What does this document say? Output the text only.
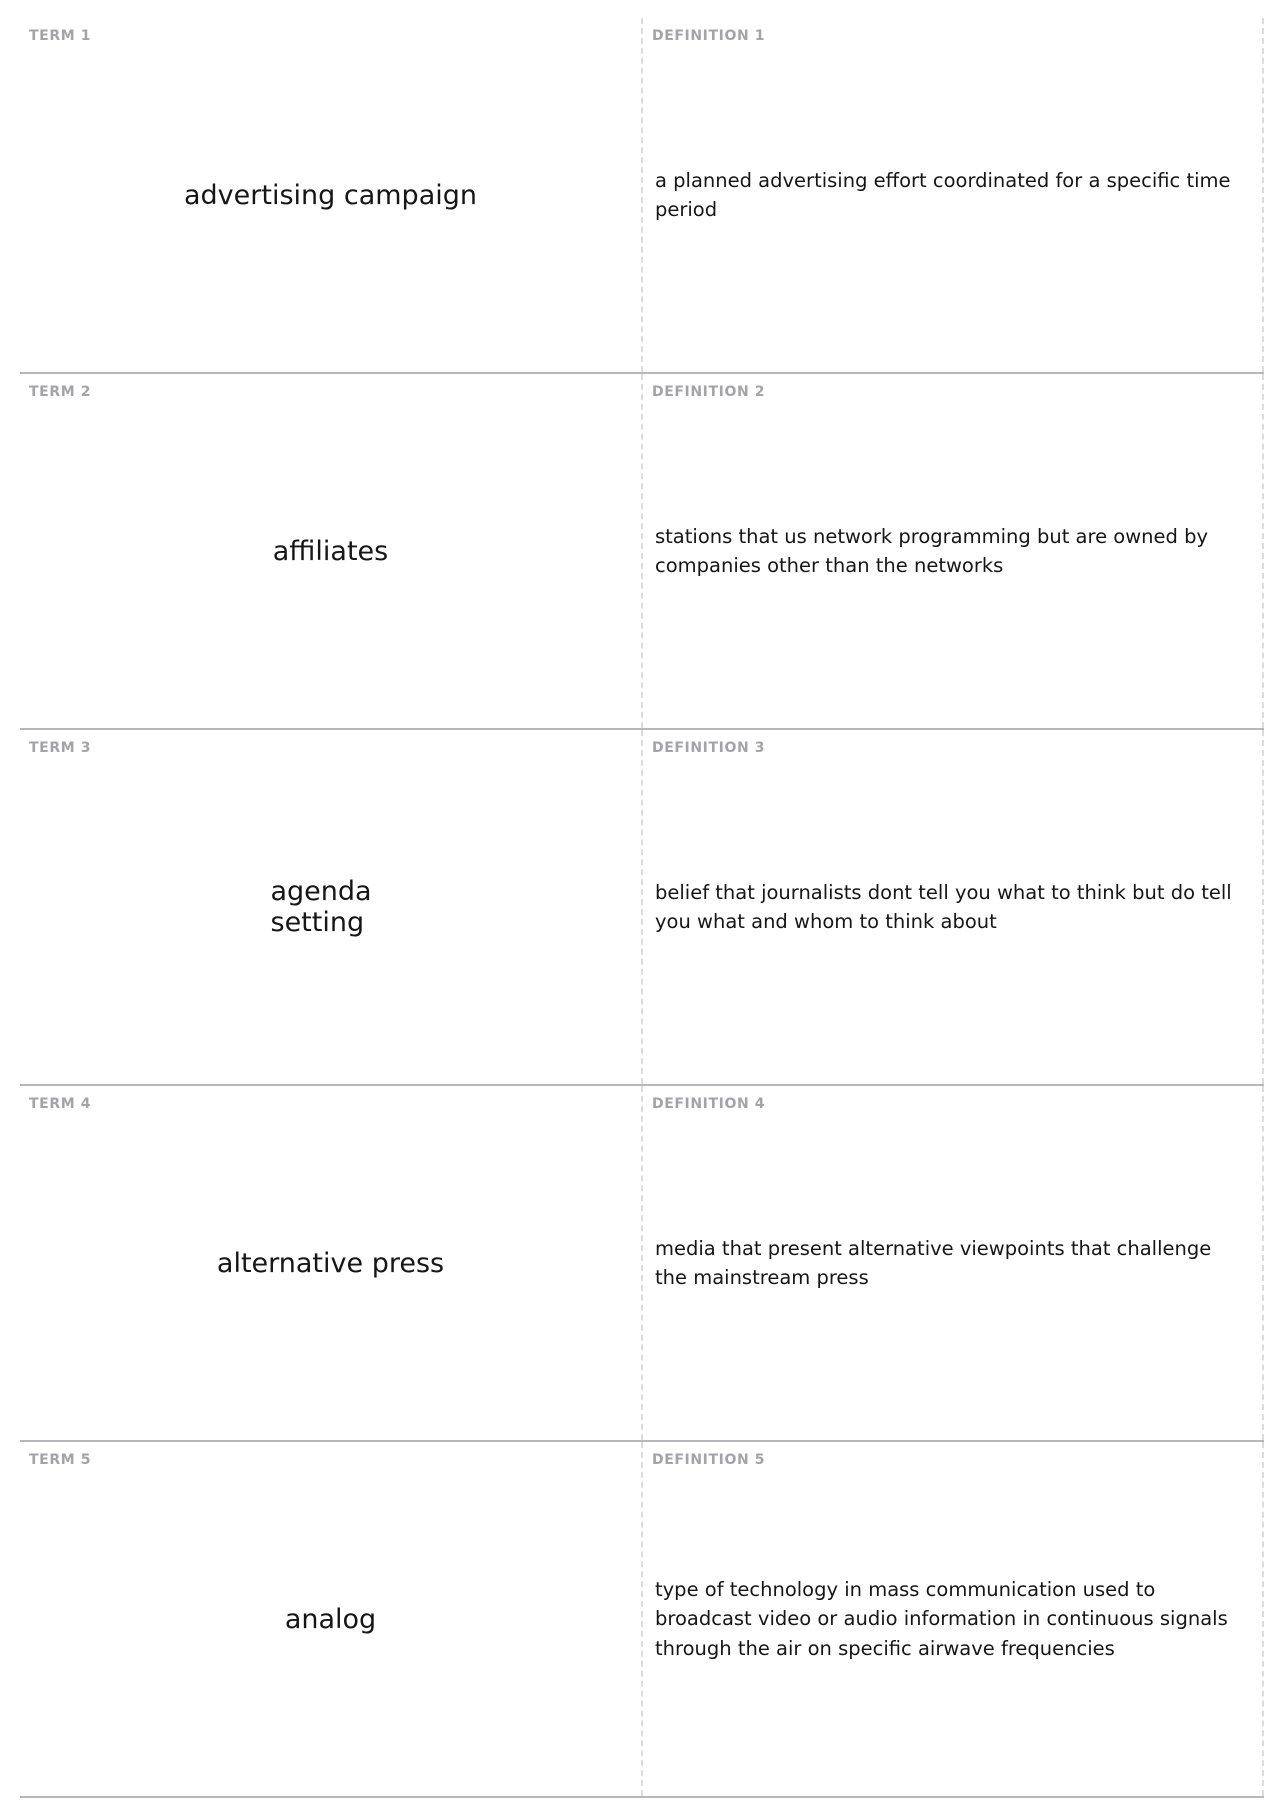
TERM 1
advertising campaign
DEFINITION 1
a planned advertising effort coordinated for a specific time period
TERM 2
affiliates
DEFINITION 2
stations that us network programming but are owned by companies other than the networks
TERM 3
agenda setting
DEFINITION 3
belief that journalists dont tell you what to think but do tell you what and whom to think about
TERM 4
alternative press
DEFINITION 4
media that present alternative viewpoints that challenge the mainstream press
TERM 5
analog
DEFINITION 5
type of technology in mass communication used to broadcast video or audio information in continuous signals through the air on specific airwave frequencies
